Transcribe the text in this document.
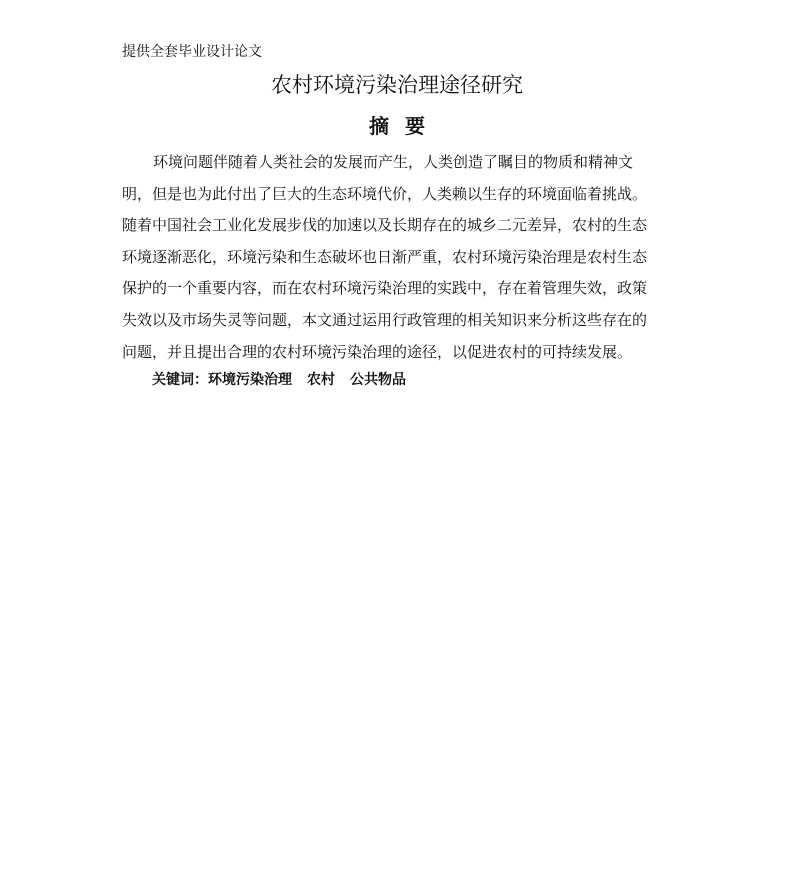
提供全套毕业设计论文
农村环境污染治理途径研究
摘要
环境问题伴随着人类社会的发展而产生，人类创造了瞩目的物质和精神文
明，但是也为此付出了巨大的生态环境代价，人类赖以生存的环境面临着挑战。
随着中国社会工业化发展步伐的加速以及长期存在的城乡二元差异，农村的生态
环境逐渐恶化，环境污染和生态破坏也日渐严重，农村环境污染治理是农村生态
保护的一个重要内容，而在农村环境污染治理的实践中，存在着管理失效，政策
失效以及市场失灵等问题，本文通过运用行政管理的相关知识来分析这些存在的
问题，并且提出合理的农村环境污染治理的途径，以促进农村的可持续发展。
关键词：环境污染治理 农村 公共物品
